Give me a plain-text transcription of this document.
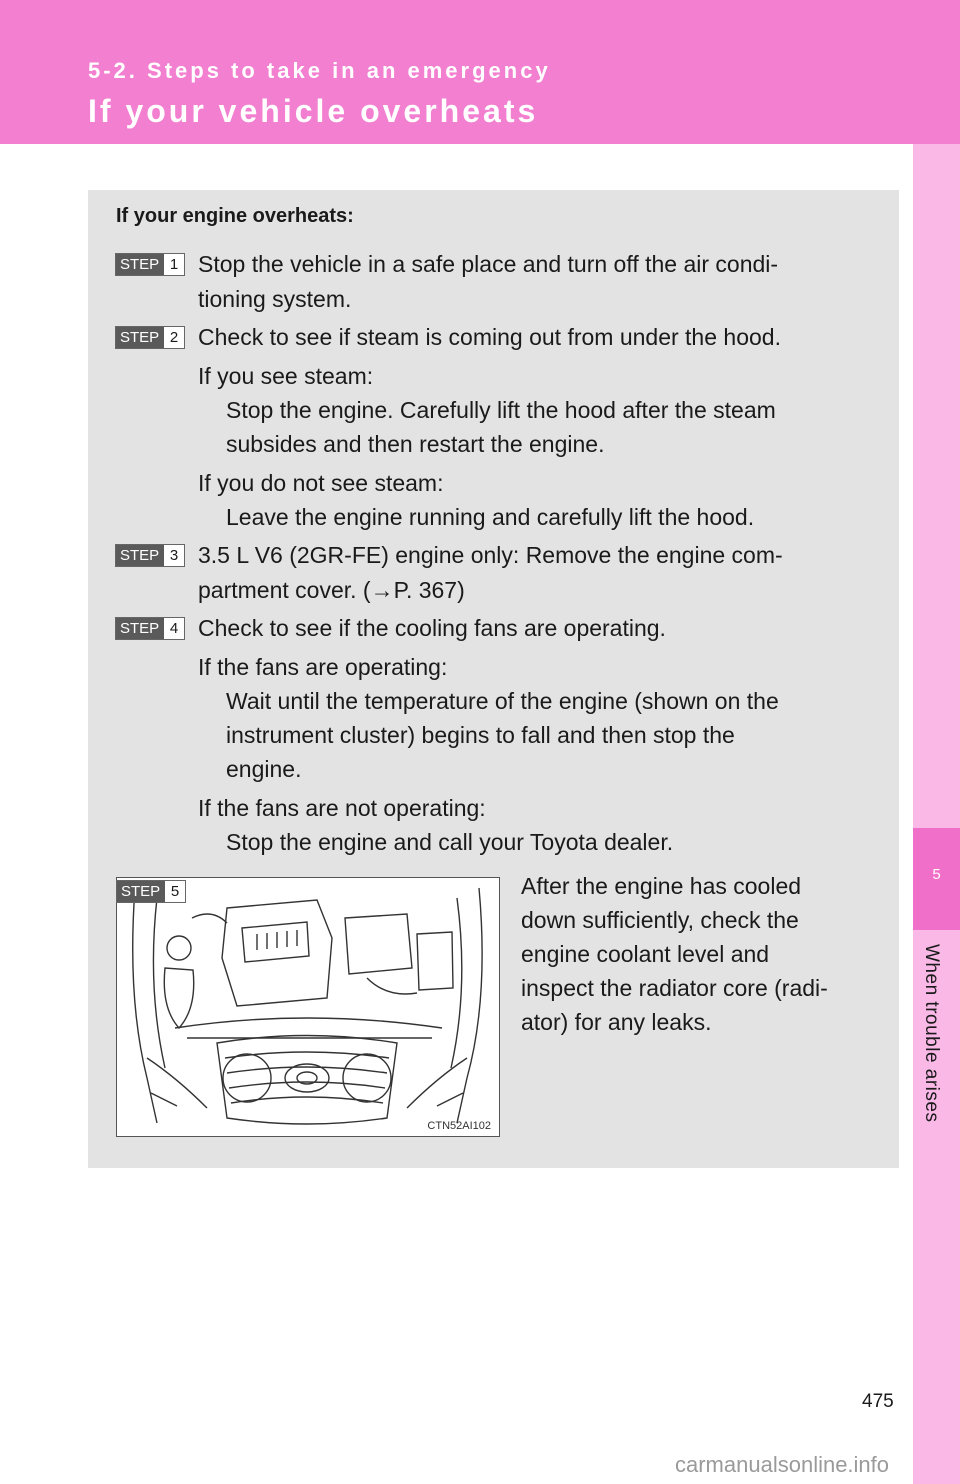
5-2. Steps to take in an emergency
If your vehicle overheats
5
When trouble arises
If your engine overheats:
STEP 1 Stop the vehicle in a safe place and turn off the air condi-
tioning system.
STEP 2 Check to see if steam is coming out from under the hood.
If you see steam:
Stop the engine. Carefully lift the hood after the steam
subsides and then restart the engine.
If you do not see steam:
Leave the engine running and carefully lift the hood.
STEP 3 3.5 L V6 (2GR-FE) engine only: Remove the engine com-
partment cover. (→P. 367)
STEP 4 Check to see if the cooling fans are operating.
If the fans are operating:
Wait until the temperature of the engine (shown on the
instrument cluster) begins to fall and then stop the
engine.
If the fans are not operating:
Stop the engine and call your Toyota dealer.
CTN52AI102
STEP 5	After the engine has cooled
down sufficiently, check the
engine coolant level and
inspect the radiator core (radi-
ator) for any leaks.
475
carmanualsonline.info
